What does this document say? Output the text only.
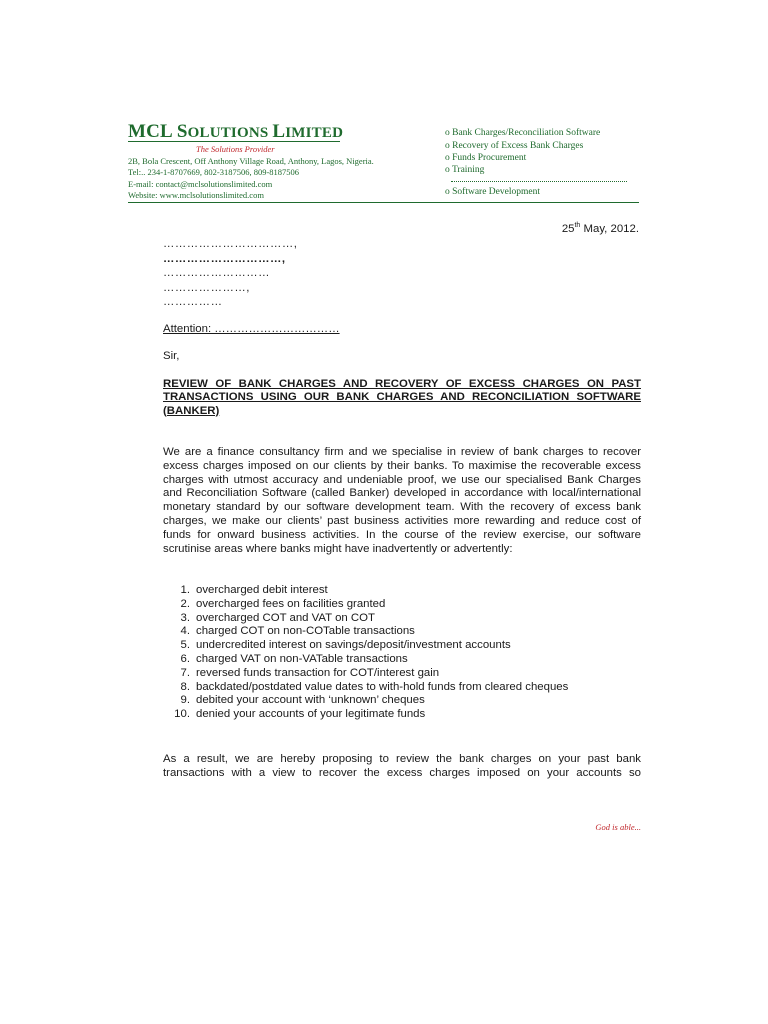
MCL SOLUTIONS LIMITED
The Solutions Provider
2B, Bola Crescent, Off Anthony Village Road, Anthony, Lagos, Nigeria.
Tel:.. 234-1-8707669, 802-3187506, 809-8187506
E-mail: contact@mclsolutionslimited.com
Website: www.mclsolutionslimited.com
o Bank Charges/Reconciliation Software
o Recovery of Excess Bank Charges
o Funds Procurement
o Training
o Software Development
25th May, 2012.
……………………………,
…………………………,
………………………
…………………,
……………
Attention: ……………………………
Sir,
REVIEW OF BANK CHARGES AND RECOVERY OF EXCESS CHARGES ON PAST TRANSACTIONS USING OUR BANK CHARGES AND RECONCILIATION SOFTWARE (BANKER)
We are a finance consultancy firm and we specialise in review of bank charges to recover excess charges imposed on our clients by their banks. To maximise the recoverable excess charges with utmost accuracy and undeniable proof, we use our specialised Bank Charges and Reconciliation Software (called Banker) developed in accordance with local/international monetary standard by our software development team. With the recovery of excess bank charges, we make our clients’ past business activities more rewarding and reduce cost of funds for onward business activities. In the course of the review exercise, our software scrutinise areas where banks might have inadvertently or advertently:
1. overcharged debit interest
2. overcharged fees on facilities granted
3. overcharged COT and VAT on COT
4. charged COT on non-COTable transactions
5. undercredited interest on savings/deposit/investment accounts
6. charged VAT on non-VATable transactions
7. reversed funds transaction for COT/interest gain
8. backdated/postdated value dates to with-hold funds from cleared cheques
9. debited your account with ‘unknown’ cheques
10. denied your accounts of your legitimate funds
As a result, we are hereby proposing to review the bank charges on your past bank transactions with a view to recover the excess charges imposed on your accounts so
God is able...
